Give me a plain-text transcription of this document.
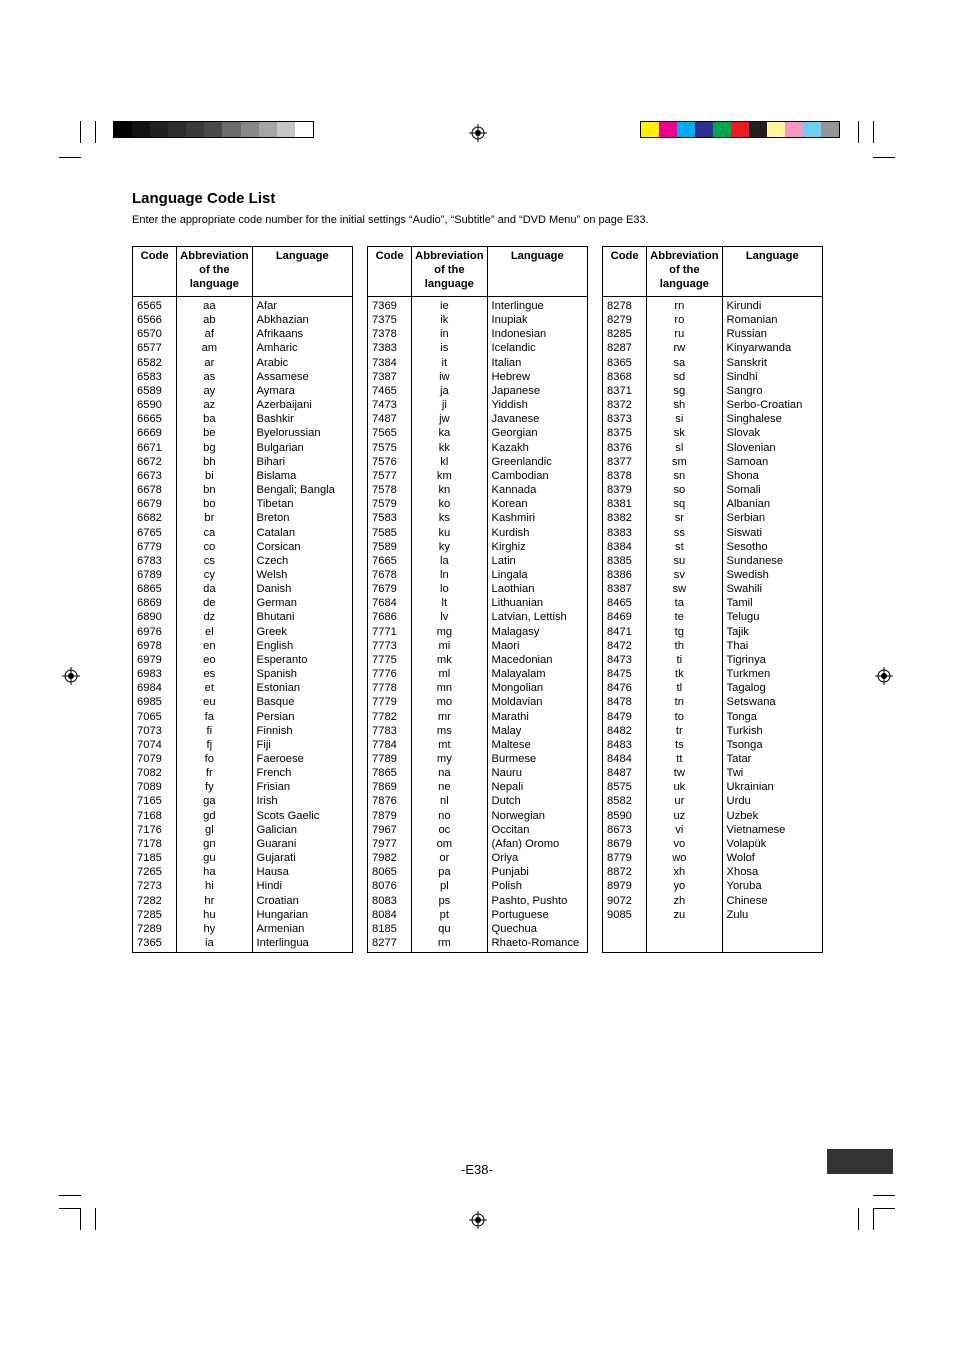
Language Code List
Enter the appropriate code number for the initial settings “Audio”, “Subtitle” and “DVD Menu” on page E33.
Code	Abbreviation of the language	Language
6565	aa	Afar
6566	ab	Abkhazian
6570	af	Afrikaans
6577	am	Amharic
6582	ar	Arabic
6583	as	Assamese
6589	ay	Aymara
6590	az	Azerbaijani
6665	ba	Bashkir
6669	be	Byelorussian
6671	bg	Bulgarian
6672	bh	Bihari
6673	bi	Bislama
6678	bn	Bengali; Bangla
6679	bo	Tibetan
6682	br	Breton
6765	ca	Catalan
6779	co	Corsican
6783	cs	Czech
6789	cy	Welsh
6865	da	Danish
6869	de	German
6890	dz	Bhutani
6976	el	Greek
6978	en	English
6979	eo	Esperanto
6983	es	Spanish
6984	et	Estonian
6985	eu	Basque
7065	fa	Persian
7073	fi	Finnish
7074	fj	Fiji
7079	fo	Faeroese
7082	fr	French
7089	fy	Frisian
7165	ga	Irish
7168	gd	Scots Gaelic
7176	gl	Galician
7178	gn	Guarani
7185	gu	Gujarati
7265	ha	Hausa
7273	hi	Hindi
7282	hr	Croatian
7285	hu	Hungarian
7289	hy	Armenian
7365	ia	Interlingua
Code	Abbreviation of the language	Language
7369	ie	Interlingue
7375	ik	Inupiak
7378	in	Indonesian
7383	is	Icelandic
7384	it	Italian
7387	iw	Hebrew
7465	ja	Japanese
7473	ji	Yiddish
7487	jw	Javanese
7565	ka	Georgian
7575	kk	Kazakh
7576	kl	Greenlandic
7577	km	Cambodian
7578	kn	Kannada
7579	ko	Korean
7583	ks	Kashmiri
7585	ku	Kurdish
7589	ky	Kirghiz
7665	la	Latin
7678	ln	Lingala
7679	lo	Laothian
7684	lt	Lithuanian
7686	lv	Latvian, Lettish
7771	mg	Malagasy
7773	mi	Maori
7775	mk	Macedonian
7776	ml	Malayalam
7778	mn	Mongolian
7779	mo	Moldavian
7782	mr	Marathi
7783	ms	Malay
7784	mt	Maltese
7789	my	Burmese
7865	na	Nauru
7869	ne	Nepali
7876	nl	Dutch
7879	no	Norwegian
7967	oc	Occitan
7977	om	(Afan) Oromo
7982	or	Oriya
8065	pa	Punjabi
8076	pl	Polish
8083	ps	Pashto, Pushto
8084	pt	Portuguese
8185	qu	Quechua
8277	rm	Rhaeto-Romance
Code	Abbreviation of the language	Language
8278	rn	Kirundi
8279	ro	Romanian
8285	ru	Russian
8287	rw	Kinyarwanda
8365	sa	Sanskrit
8368	sd	Sindhi
8371	sg	Sangro
8372	sh	Serbo-Croatian
8373	si	Singhalese
8375	sk	Slovak
8376	sl	Slovenian
8377	sm	Samoan
8378	sn	Shona
8379	so	Somali
8381	sq	Albanian
8382	sr	Serbian
8383	ss	Siswati
8384	st	Sesotho
8385	su	Sundanese
8386	sv	Swedish
8387	sw	Swahili
8465	ta	Tamil
8469	te	Telugu
8471	tg	Tajik
8472	th	Thai
8473	ti	Tigrinya
8475	tk	Turkmen
8476	tl	Tagalog
8478	tn	Setswana
8479	to	Tonga
8482	tr	Turkish
8483	ts	Tsonga
8484	tt	Tatar
8487	tw	Twi
8575	uk	Ukrainian
8582	ur	Urdu
8590	uz	Uzbek
8673	vi	Vietnamese
8679	vo	Volapük
8779	wo	Wolof
8872	xh	Xhosa
8979	yo	Yoruba
9072	zh	Chinese
9085	zu	Zulu

-E38-
